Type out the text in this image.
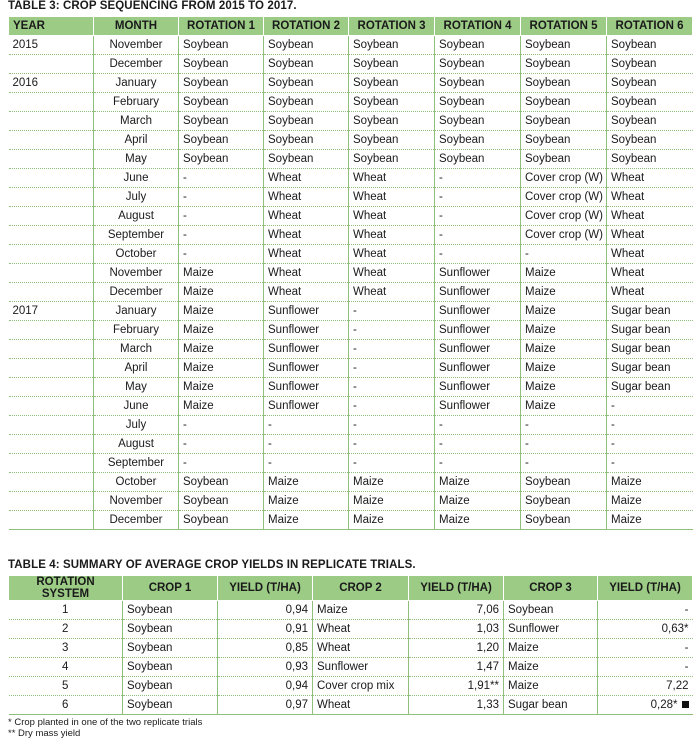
TABLE 3: CROP SEQUENCING FROM 2015 TO 2017.
YEAR	MONTH	ROTATION 1	ROTATION 2	ROTATION 3	ROTATION 4	ROTATION 5	ROTATION 6
2015	November	Soybean	Soybean	Soybean	Soybean	Soybean	Soybean
	December	Soybean	Soybean	Soybean	Soybean	Soybean	Soybean
2016	January	Soybean	Soybean	Soybean	Soybean	Soybean	Soybean
	February	Soybean	Soybean	Soybean	Soybean	Soybean	Soybean
	March	Soybean	Soybean	Soybean	Soybean	Soybean	Soybean
	April	Soybean	Soybean	Soybean	Soybean	Soybean	Soybean
	May	Soybean	Soybean	Soybean	Soybean	Soybean	Soybean
	June	-	Wheat	Wheat	-	Cover crop (W)	Wheat
	July	-	Wheat	Wheat	-	Cover crop (W)	Wheat
	August	-	Wheat	Wheat	-	Cover crop (W)	Wheat
	September	-	Wheat	Wheat	-	Cover crop (W)	Wheat
	October	-	Wheat	Wheat	-	-	Wheat
	November	Maize	Wheat	Wheat	Sunflower	Maize	Wheat
	December	Maize	Wheat	Wheat	Sunflower	Maize	Wheat
2017	January	Maize	Sunflower	-	Sunflower	Maize	Sugar bean
	February	Maize	Sunflower	-	Sunflower	Maize	Sugar bean
	March	Maize	Sunflower	-	Sunflower	Maize	Sugar bean
	April	Maize	Sunflower	-	Sunflower	Maize	Sugar bean
	May	Maize	Sunflower	-	Sunflower	Maize	Sugar bean
	June	Maize	Sunflower	-	Sunflower	Maize	-
	July	-	-	-	-	-	-
	August	-	-	-	-	-	-
	September	-	-	-	-	-	-
	October	Soybean	Maize	Maize	Maize	Soybean	Maize
	November	Soybean	Maize	Maize	Maize	Soybean	Maize
	December	Soybean	Maize	Maize	Maize	Soybean	Maize
TABLE 4: SUMMARY OF AVERAGE CROP YIELDS IN REPLICATE TRIALS.
ROTATION SYSTEM	CROP 1	YIELD (T/HA)	CROP 2	YIELD (T/HA)	CROP 3	YIELD (T/HA)
1	Soybean	0,94	Maize	7,06	Soybean	-
2	Soybean	0,91	Wheat	1,03	Sunflower	0,63*
3	Soybean	0,85	Wheat	1,20	Maize	-
4	Soybean	0,93	Sunflower	1,47	Maize	-
5	Soybean	0,94	Cover crop mix	1,91**	Maize	7,22
6	Soybean	0,97	Wheat	1,33	Sugar bean	0,28*
* Crop planted in one of the two replicate trials
** Dry mass yield
